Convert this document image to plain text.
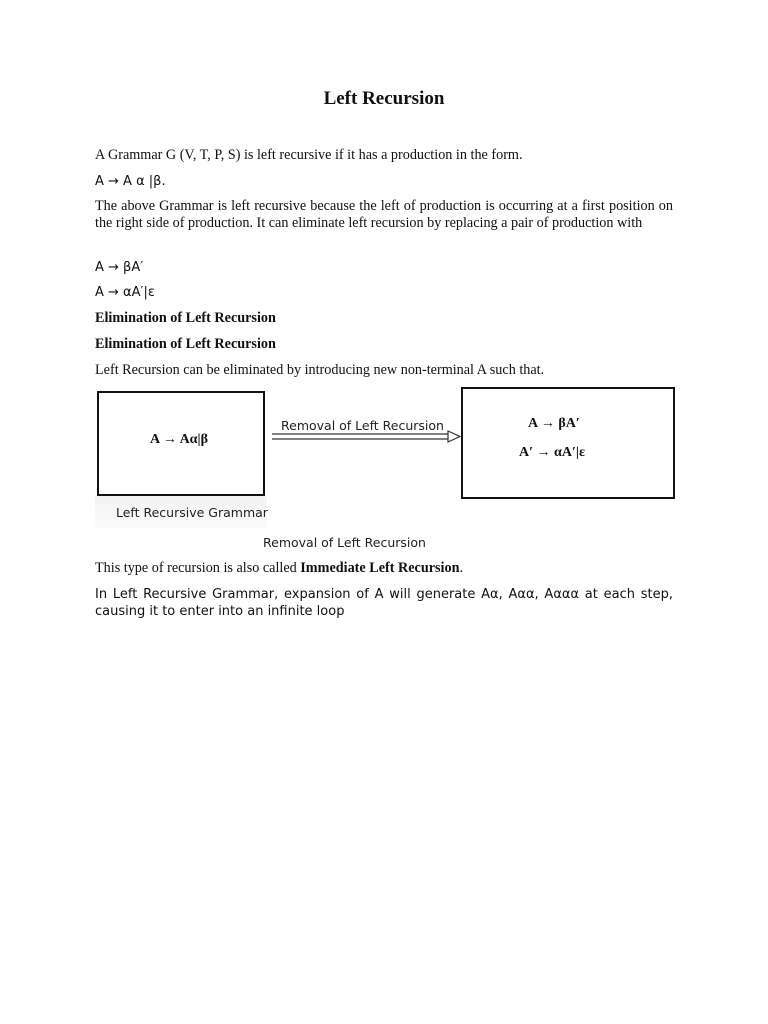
Left Recursion

A Grammar G (V, T, P, S) is left recursive if it has a production in the form.

A → A α |β.

The above Grammar is left recursive because the left of production is occurring at a first position on the right side of production. It can eliminate left recursion by replacing a pair of production with

A → βA′

A → αA′|ε

Elimination of Left Recursion

Elimination of Left Recursion

Left Recursion can be eliminated by introducing new non-terminal A such that.

A → Aα|β
Left Recursive Grammar
Removal of Left Recursion	A → βA′
A′ → αA′|ε
Removal of Left Recursion

This type of recursion is also called Immediate Left Recursion.

In Left Recursive Grammar, expansion of A will generate Aα, Aαα, Aααα at each step, causing it to enter into an infinite loop
